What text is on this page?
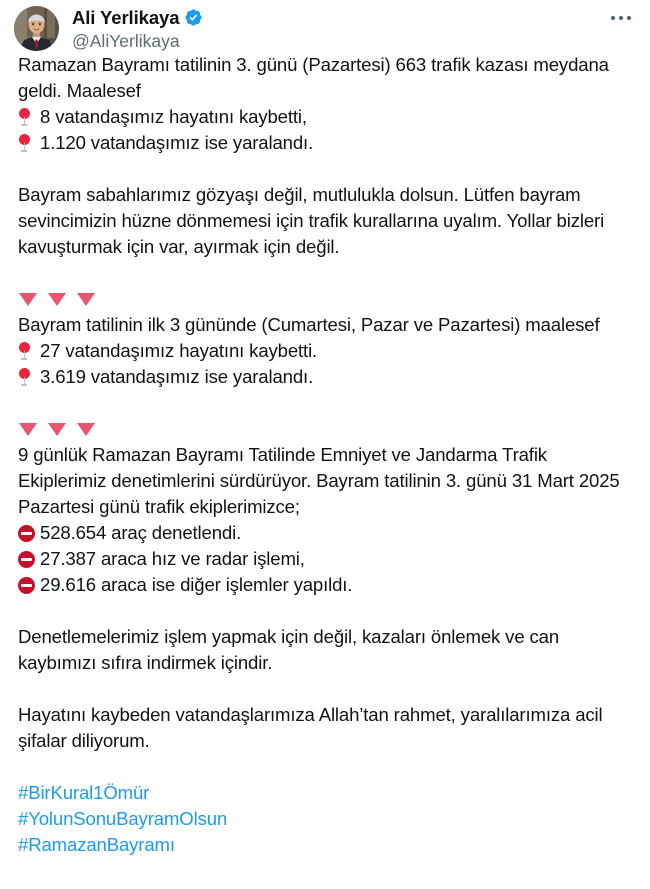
Ali Yerlikaya
@AliYerlikaya

Ramazan Bayramı tatilinin 3. günü (Pazartesi) 663 trafik kazası meydana geldi. Maalesef

8 vatandaşımız hayatını kaybetti,
1.120 vatandaşımız ise yaralandı.

Bayram sabahlarımız gözyaşı değil, mutlulukla dolsun. Lütfen bayram sevincimizin hüzne dönmemesi için trafik kurallarına uyalım. Yollar bizleri kavuşturmak için var, ayırmak için değil.

Bayram tatilinin ilk 3 gününde (Cumartesi, Pazar ve Pazartesi) maalesef

27 vatandaşımız hayatını kaybetti.
3.619 vatandaşımız ise yaralandı.

9 günlük Ramazan Bayramı Tatilinde Emniyet ve Jandarma Trafik Ekiplerimiz denetimlerini sürdürüyor. Bayram tatilinin 3. günü 31 Mart 2025 Pazartesi günü trafik ekiplerimizce;

528.654 araç denetlendi.
27.387 araca hız ve radar işlemi,
29.616 araca ise diğer işlemler yapıldı.

Denetlemelerimiz işlem yapmak için değil, kazaları önlemek ve can kaybımızı sıfıra indirmek içindir.

Hayatını kaybeden vatandaşlarımıza Allah’tan rahmet, yaralılarımıza acil şifalar diliyorum.

#BirKural1Ömür
#YolunSonuBayramOlsun
#RamazanBayramı
